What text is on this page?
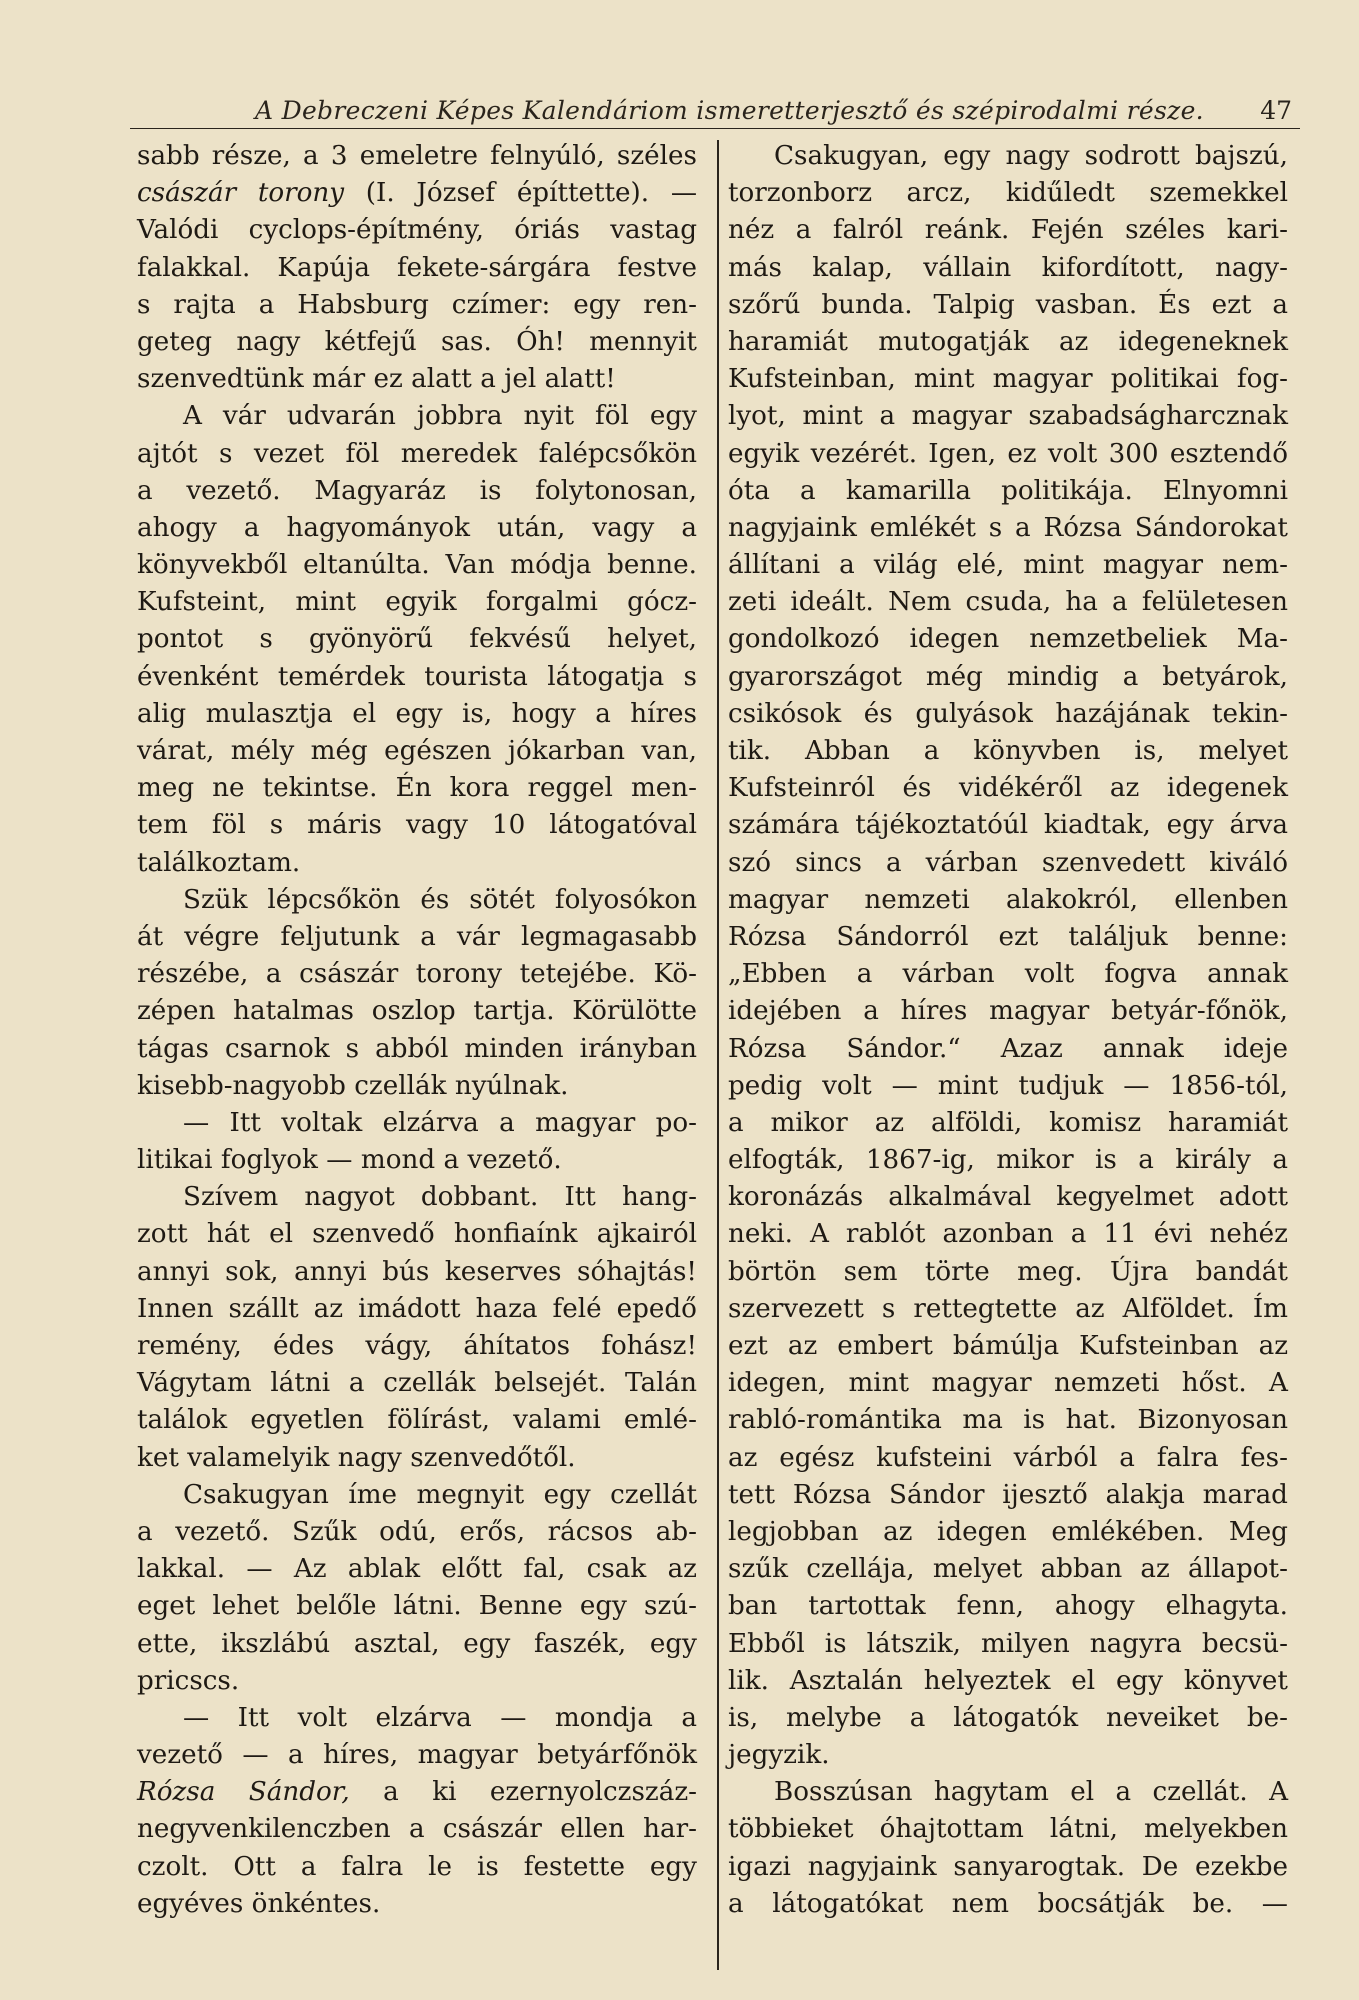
A Debreczeni Képes Kalendáriom ismeretterjesztő és szépirodalmi része. 47
sabb része, a 3 emeletre felnyúló, széles
császár torony (I. József építtette). —
Valódi cyclops-építmény, óriás vastag
falakkal. Kapúja fekete-sárgára festve
s rajta a Habsburg czímer: egy ren-
geteg nagy kétfejű sas. Óh! mennyit
szenvedtünk már ez alatt a jel alatt!
A vár udvarán jobbra nyit föl egy
ajtót s vezet föl meredek falépcsőkön
a vezető. Magyaráz is folytonosan,
ahogy a hagyományok után, vagy a
könyvekből eltanúlta. Van módja benne.
Kufsteint, mint egyik forgalmi gócz-
pontot s gyönyörű fekvésű helyet,
évenként temérdek tourista látogatja s
alig mulasztja el egy is, hogy a híres
várat, mély még egészen jókarban van,
meg ne tekintse. Én kora reggel men-
tem föl s máris vagy 10 látogatóval
találkoztam.
Szük lépcsőkön és sötét folyosókon
át végre feljutunk a vár legmagasabb
részébe, a császár torony tetejébe. Kö-
zépen hatalmas oszlop tartja. Körülötte
tágas csarnok s abból minden irányban
kisebb-nagyobb czellák nyúlnak.
— Itt voltak elzárva a magyar po-
litikai foglyok — mond a vezető.
Szívem nagyot dobbant. Itt hang-
zott hát el szenvedő honfiaínk ajkairól
annyi sok, annyi bús keserves sóhajtás!
Innen szállt az imádott haza felé epedő
remény, édes vágy, áhítatos fohász!
Vágytam látni a czellák belsejét. Talán
találok egyetlen fölírást, valami emlé-
ket valamelyik nagy szenvedőtől.
Csakugyan íme megnyit egy czellát
a vezető. Szűk odú, erős, rácsos ab-
lakkal. — Az ablak előtt fal, csak az
eget lehet belőle látni. Benne egy szú-
ette, ikszlábú asztal, egy faszék, egy
pricscs.
— Itt volt elzárva — mondja a
vezető — a híres, magyar betyárfőnök
Rózsa Sándor, a ki ezernyolczszáz-
negyvenkilenczben a császár ellen har-
czolt. Ott a falra le is festette egy
egyéves önkéntes.
Csakugyan, egy nagy sodrott bajszú,
torzonborz arcz, kidűledt szemekkel
néz a falról reánk. Fején széles kari-
más kalap, vállain kifordított, nagy-
szőrű bunda. Talpig vasban. És ezt a
haramiát mutogatják az idegeneknek
Kufsteinban, mint magyar politikai fog-
lyot, mint a magyar szabadságharcznak
egyik vezérét. Igen, ez volt 300 esztendő
óta a kamarilla politikája. Elnyomni
nagyjaink emlékét s a Rózsa Sándorokat
állítani a világ elé, mint magyar nem-
zeti ideált. Nem csuda, ha a felületesen
gondolkozó idegen nemzetbeliek Ma-
gyarországot még mindig a betyárok,
csikósok és gulyások hazájának tekin-
tik. Abban a könyvben is, melyet
Kufsteinról és vidékéről az idegenek
számára tájékoztatóúl kiadtak, egy árva
szó sincs a várban szenvedett kiváló
magyar nemzeti alakokról, ellenben
Rózsa Sándorról ezt találjuk benne:
„Ebben a várban volt fogva annak
idejében a híres magyar betyár-főnök,
Rózsa Sándor.“ Azaz annak ideje
pedig volt — mint tudjuk — 1856-tól,
a mikor az alföldi, komisz haramiát
elfogták, 1867-ig, mikor is a király a
koronázás alkalmával kegyelmet adott
neki. A rablót azonban a 11 évi nehéz
börtön sem törte meg. Újra bandát
szervezett s rettegtette az Alföldet. Ím
ezt az embert bámúlja Kufsteinban az
idegen, mint magyar nemzeti hőst. A
rabló-romántika ma is hat. Bizonyosan
az egész kufsteini várból a falra fes-
tett Rózsa Sándor ijesztő alakja marad
legjobban az idegen emlékében. Meg
szűk czellája, melyet abban az állapot-
ban tartottak fenn, ahogy elhagyta.
Ebből is látszik, milyen nagyra becsü-
lik. Asztalán helyeztek el egy könyvet
is, melybe a látogatók neveiket be-
jegyzik.
Bosszúsan hagytam el a czellát. A
többieket óhajtottam látni, melyekben
igazi nagyjaink sanyarogtak. De ezekbe
a látogatókat nem bocsátják be. —
